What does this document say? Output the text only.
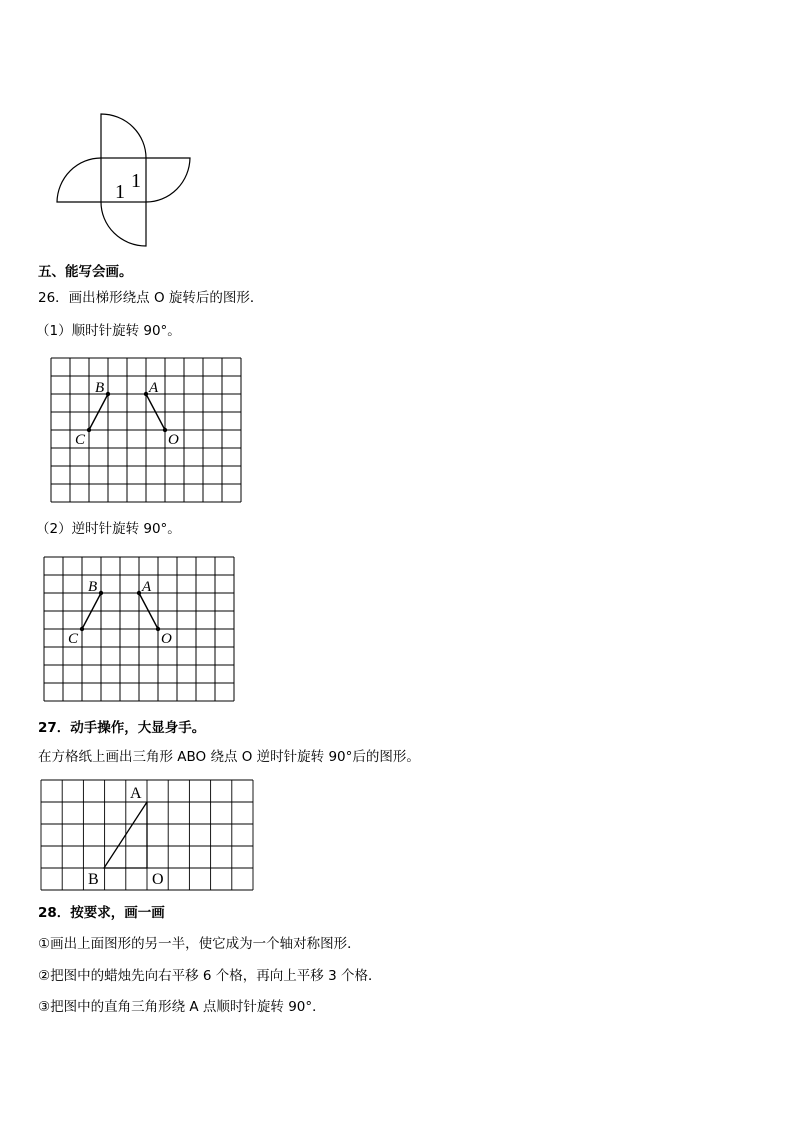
1 1
五、能写会画。
26．画出梯形绕点 O 旋转后的图形．
（1）顺时针旋转 90°。
B	A
C	O
（2）逆时针旋转 90°。
B	A
C	O
27．动手操作，大显身手。
在方格纸上画出三角形 ABO 绕点 O 逆时针旋转 90°后的图形。
A
B	O
28．按要求，画一画
①画出上面图形的另一半，使它成为一个轴对称图形．
②把图中的蜡烛先向右平移 6 个格，再向上平移 3 个格．
③把图中的直角三角形绕 A 点顺时针旋转 90°．
